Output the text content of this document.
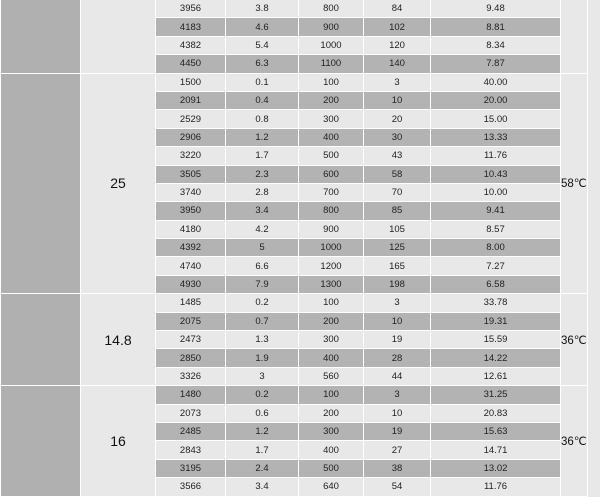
		3956	3.8	800	84	9.48	
		4183	4.6	900	102	8.81	
		4382	5.4	1000	120	8.34	
		4450	6.3	1100	140	7.87	
	25	1500	0.1	100	3	40.00	58℃
		2091	0.4	200	10	20.00	
		2529	0.8	300	20	15.00	
		2906	1.2	400	30	13.33	
		3220	1.7	500	43	11.76	
		3505	2.3	600	58	10.43	
		3740	2.8	700	70	10.00	
		3950	3.4	800	85	9.41	
		4180	4.2	900	105	8.57	
		4392	5	1000	125	8.00	
		4740	6.6	1200	165	7.27	
		4930	7.9	1300	198	6.58	
	14.8	1485	0.2	100	3	33.78	36℃
		2075	0.7	200	10	19.31	
		2473	1.3	300	19	15.59	
		2850	1.9	400	28	14.22	
		3326	3	560	44	12.61	
	16	1480	0.2	100	3	31.25	36℃
		2073	0.6	200	10	20.83	
		2485	1.2	300	19	15.63	
		2843	1.7	400	27	14.71	
		3195	2.4	500	38	13.02	
		3566	3.4	640	54	11.76	
